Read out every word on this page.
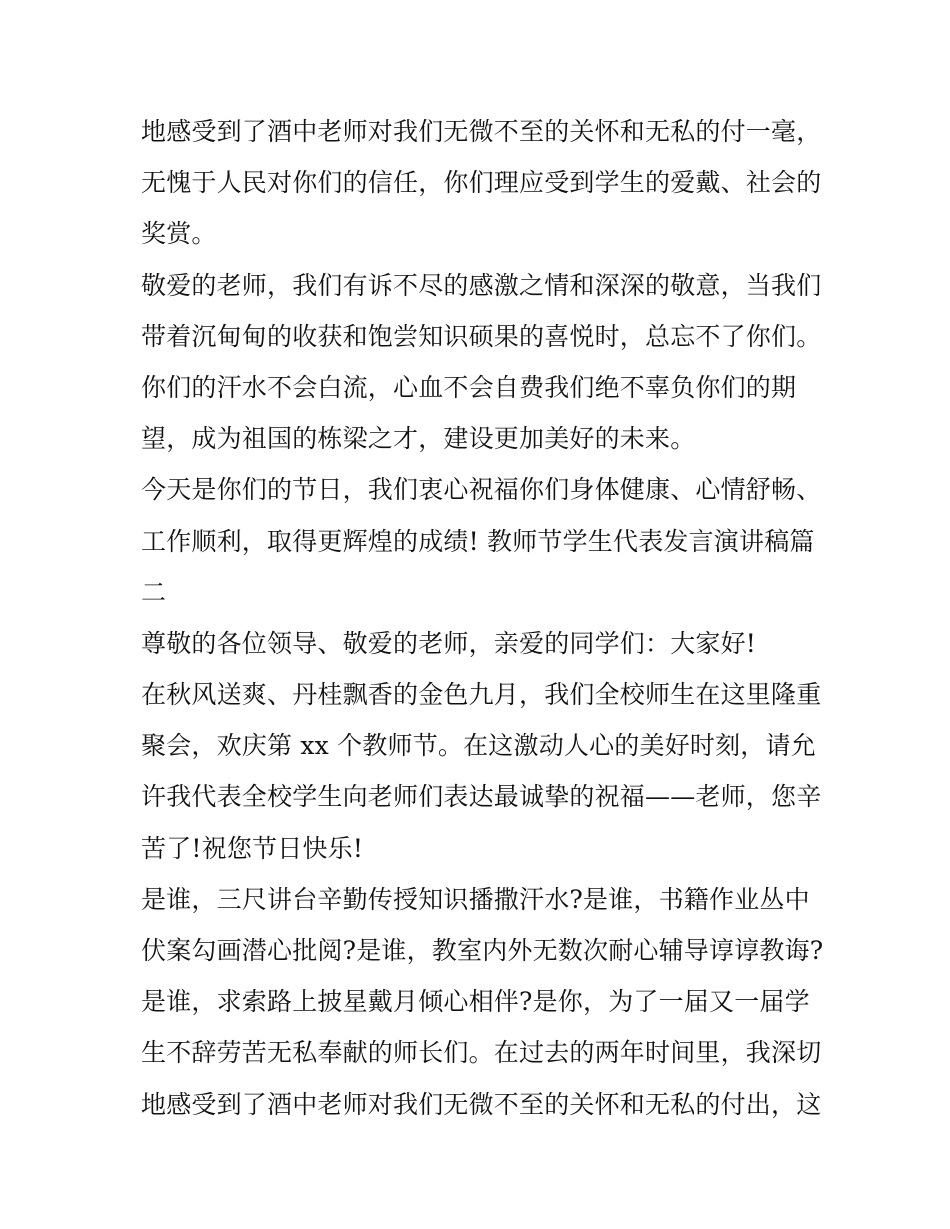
地感受到了酒中老师对我们无微不至的关怀和无私的付一毫，
无愧于人民对你们的信任，你们理应受到学生的爱戴、社会的
奖赏。
敬爱的老师，我们有诉不尽的感激之情和深深的敬意，当我们
带着沉甸甸的收获和饱尝知识硕果的喜悦时，总忘不了你们。
你们的汗水不会白流，心血不会自费我们绝不辜负你们的期
望，成为祖国的栋梁之才，建设更加美好的未来。
今天是你们的节日，我们衷心祝福你们身体健康、心情舒畅、
工作顺利，取得更辉煌的成绩! 教师节学生代表发言演讲稿篇
二
尊敬的各位领导、敬爱的老师，亲爱的同学们：大家好!
在秋风送爽、丹桂飘香的金色九月，我们全校师生在这里隆重
聚会，欢庆第 xx 个教师节。在这激动人心的美好时刻，请允
许我代表全校学生向老师们表达最诚挚的祝福——老师，您辛
苦了!祝您节日快乐!
是谁，三尺讲台辛勤传授知识播撒汗水?是谁，书籍作业丛中
伏案勾画潜心批阅?是谁，教室内外无数次耐心辅导谆谆教诲?
是谁，求索路上披星戴月倾心相伴?是你，为了一届又一届学
生不辞劳苦无私奉献的师长们。在过去的两年时间里，我深切
地感受到了酒中老师对我们无微不至的关怀和无私的付出，这
